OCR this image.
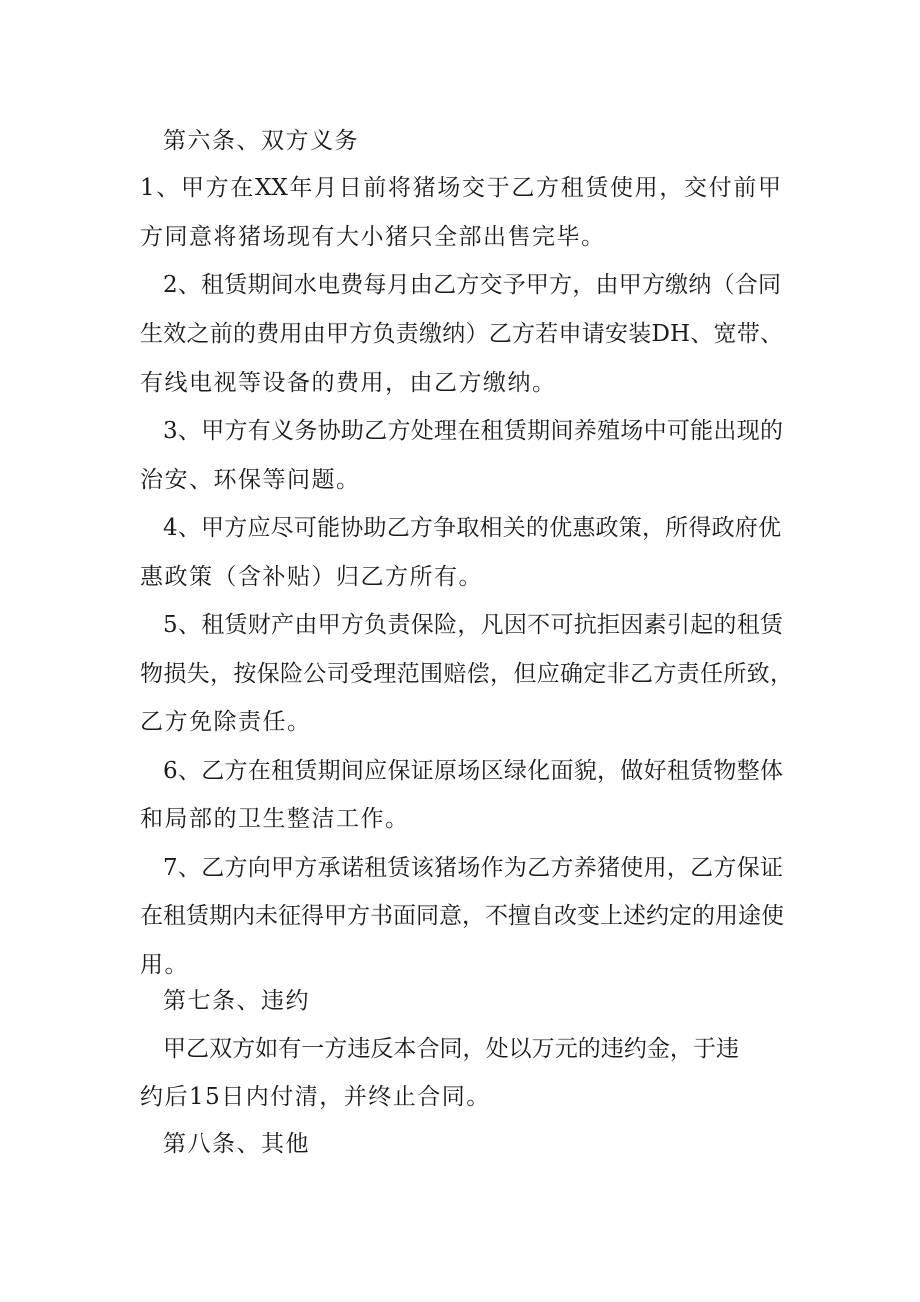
第六条、双方义务
1、甲方在XX年月日前将猪场交于乙方租赁使用，交付前甲
方同意将猪场现有大小猪只全部出售完毕。
2、租赁期间水电费每月由乙方交予甲方，由甲方缴纳（合同
生效之前的费用由甲方负责缴纳）乙方若申请安装DH、宽带、
有线电视等设备的费用，由乙方缴纳。
3、甲方有义务协助乙方处理在租赁期间养殖场中可能出现的
治安、环保等问题。
4、甲方应尽可能协助乙方争取相关的优惠政策，所得政府优
惠政策（含补贴）归乙方所有。
5、租赁财产由甲方负责保险，凡因不可抗拒因素引起的租赁
物损失，按保险公司受理范围赔偿，但应确定非乙方责任所致，
乙方免除责任。
6、乙方在租赁期间应保证原场区绿化面貌，做好租赁物整体
和局部的卫生整洁工作。
7、乙方向甲方承诺租赁该猪场作为乙方养猪使用，乙方保证
在租赁期内未征得甲方书面同意，不擅自改变上述约定的用途使
用。
第七条、违约
甲乙双方如有一方违反本合同，处以万元的违约金，于违
约后15日内付清，并终止合同。
第八条、其他
